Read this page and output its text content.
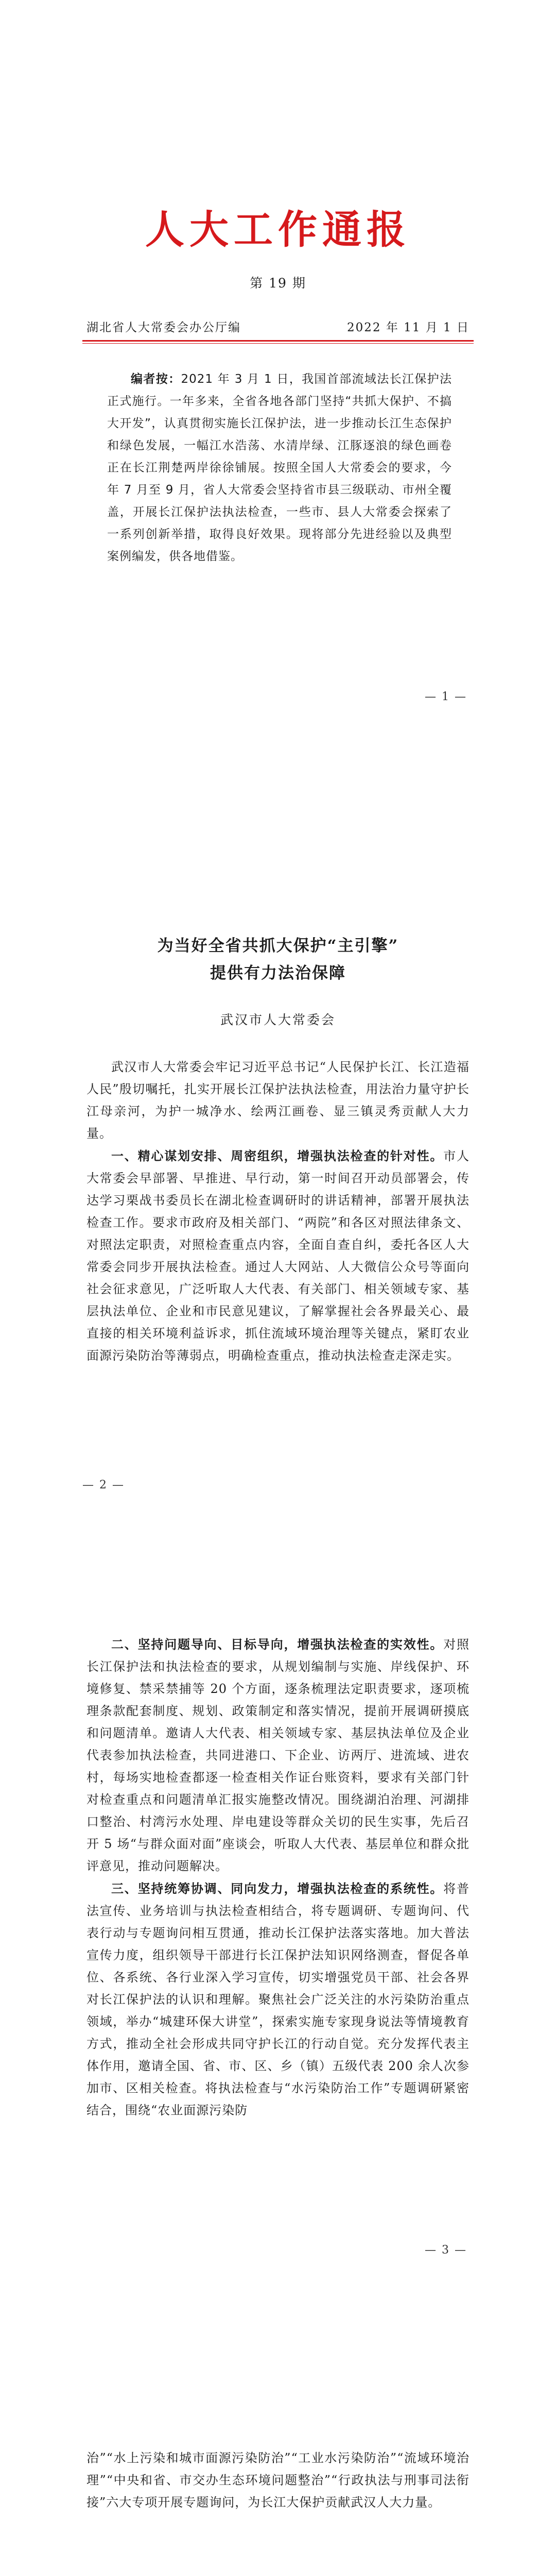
人大工作通报
第 19 期
湖北省人大常委会办公厅编	2022 年 11 月 1 日

编者按：2021 年 3 月 1 日，我国首部流域法长江保护法正式施行。一年多来，全省各地各部门坚持“共抓大保护、不搞大开发”，认真贯彻实施长江保护法，进一步推动长江生态保护和绿色发展，一幅江水浩荡、水清岸绿、江豚逐浪的绿色画卷正在长江荆楚两岸徐徐铺展。按照全国人大常委会的要求，今年 7 月至 9 月，省人大常委会坚持省市县三级联动、市州全覆盖，开展长江保护法执法检查，一些市、县人大常委会探索了一系列创新举措，取得良好效果。现将部分先进经验以及典型案例编发，供各地借鉴。

— 1 —
为当好全省共抓大保护“主引擎”
提供有力法治保障
武汉市人大常委会

武汉市人大常委会牢记习近平总书记“人民保护长江、长江造福人民”殷切嘱托，扎实开展长江保护法执法检查，用法治力量守护长江母亲河，为护一城净水、绘两江画卷、显三镇灵秀贡献人大力量。

一、精心谋划安排、周密组织，增强执法检查的针对性。市人大常委会早部署、早推进、早行动，第一时间召开动员部署会，传达学习栗战书委员长在湖北检查调研时的讲话精神，部署开展执法检查工作。要求市政府及相关部门、“两院”和各区对照法律条文、对照法定职责，对照检查重点内容，全面自查自纠，委托各区人大常委会同步开展执法检查。通过人大网站、人大微信公众号等面向社会征求意见，广泛听取人大代表、有关部门、相关领域专家、基层执法单位、企业和市民意见建议，了解掌握社会各界最关心、最直接的相关环境利益诉求，抓住流域环境治理等关键点，紧盯农业面源污染防治等薄弱点，明确检查重点，推动执法检查走深走实。

— 2 —

二、坚持问题导向、目标导向，增强执法检查的实效性。对照长江保护法和执法检查的要求，从规划编制与实施、岸线保护、环境修复、禁采禁捕等 20 个方面，逐条梳理法定职责要求，逐项梳理条款配套制度、规划、政策制定和落实情况，提前开展调研摸底和问题清单。邀请人大代表、相关领域专家、基层执法单位及企业代表参加执法检查，共同进港口、下企业、访两厅、进流域、进农村，每场实地检查都逐一检查相关作证台账资料，要求有关部门针对检查重点和问题清单汇报实施整改情况。围绕湖泊治理、河湖排口整治、村湾污水处理、岸电建设等群众关切的民生实事，先后召开 5 场“与群众面对面”座谈会，听取人大代表、基层单位和群众批评意见，推动问题解决。

三、坚持统筹协调、同向发力，增强执法检查的系统性。将普法宣传、业务培训与执法检查相结合，将专题调研、专题询问、代表行动与专题询问相互贯通，推动长江保护法落实落地。加大普法宣传力度，组织领导干部进行长江保护法知识网络测查，督促各单位、各系统、各行业深入学习宣传，切实增强党员干部、社会各界对长江保护法的认识和理解。聚焦社会广泛关注的水污染防治重点领域，举办“城建环保大讲堂”，探索实施专家现身说法等情境教育方式，推动全社会形成共同守护长江的行动自觉。充分发挥代表主体作用，邀请全国、省、市、区、乡（镇）五级代表 200 余人次参加市、区相关检查。将执法检查与“水污染防治工作”专题调研紧密结合，围绕“农业面源污染防

— 3 —

治”“水上污染和城市面源污染防治”“工业水污染防治”“流域环境治理”“中央和省、市交办生态环境问题整治”“行政执法与刑事司法衔接”六大专项开展专题询问，为长江大保护贡献武汉人大力量。
